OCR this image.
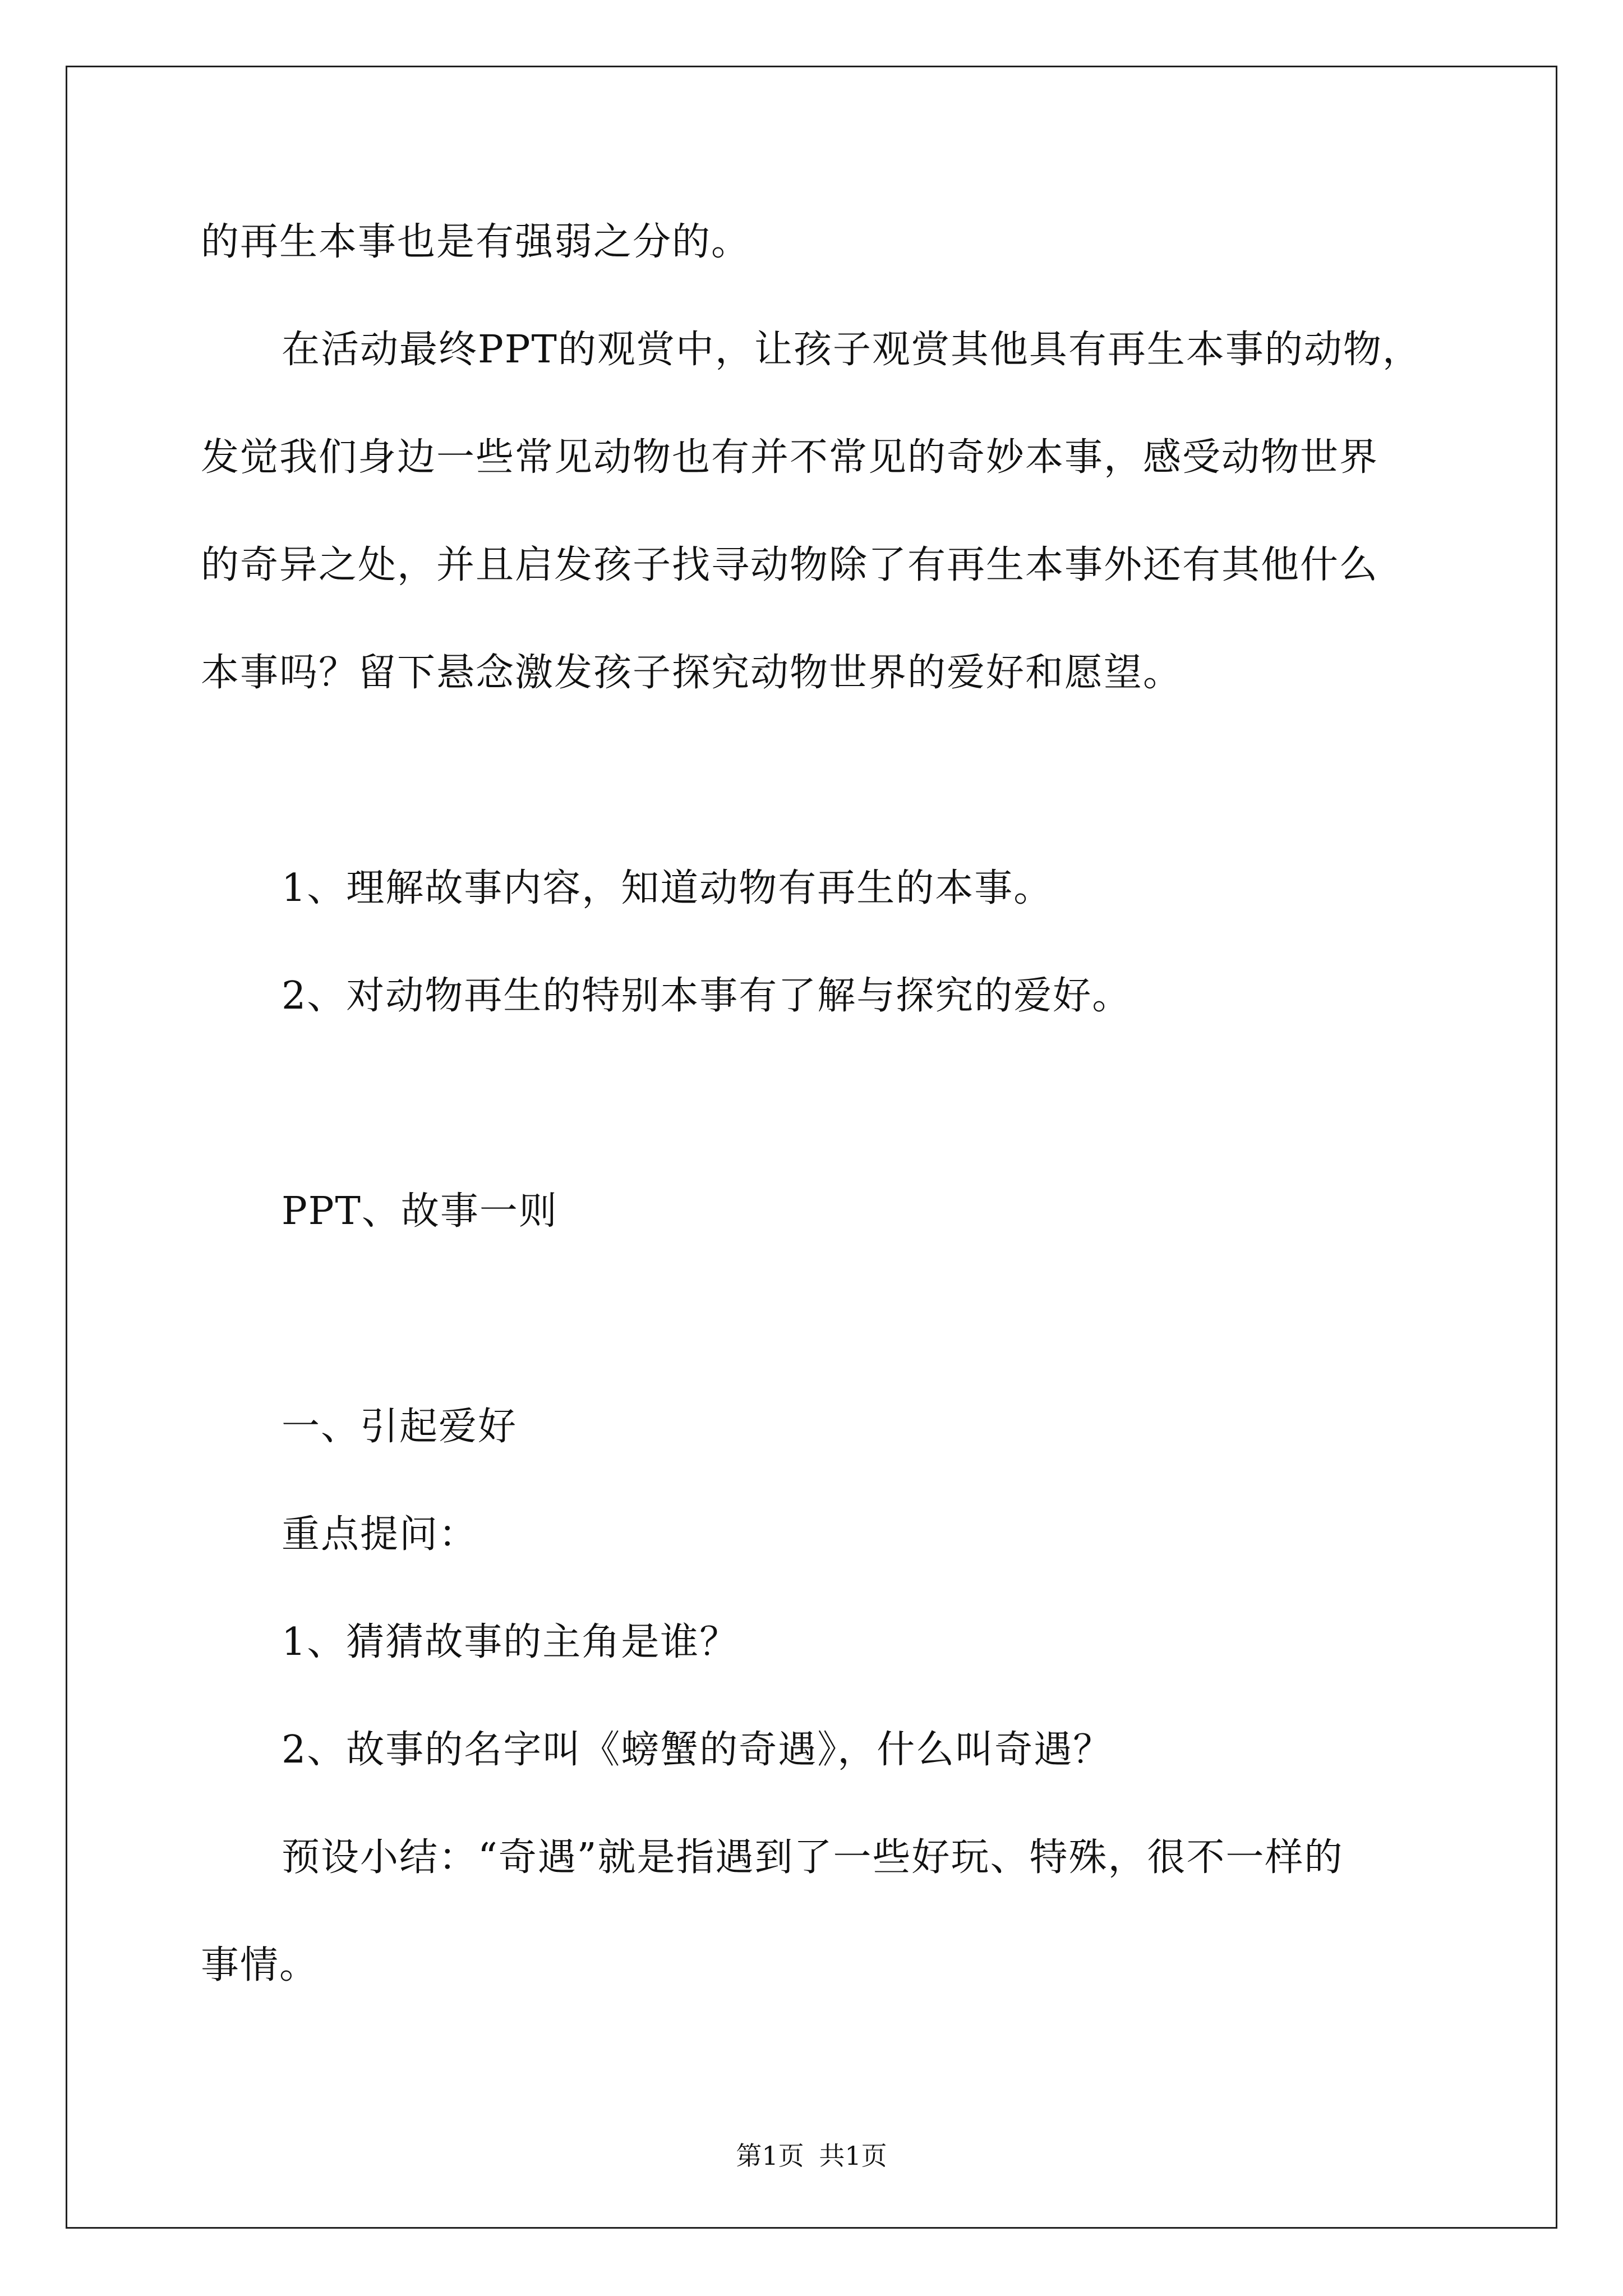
的再生本事也是有强弱之分的。
在活动最终PPT的观赏中，让孩子观赏其他具有再生本事的动物，
发觉我们身边一些常见动物也有并不常见的奇妙本事，感受动物世界
的奇异之处，并且启发孩子找寻动物除了有再生本事外还有其他什么
本事吗？留下悬念激发孩子探究动物世界的爱好和愿望。
1、理解故事内容，知道动物有再生的本事。
2、对动物再生的特别本事有了解与探究的爱好。
PPT、故事一则
一、引起爱好
重点提问：
1、猜猜故事的主角是谁？
2、故事的名字叫《螃蟹的奇遇》，什么叫奇遇？
预设小结：“奇遇”就是指遇到了一些好玩、特殊，很不一样的
事情。
第1页 共1页
